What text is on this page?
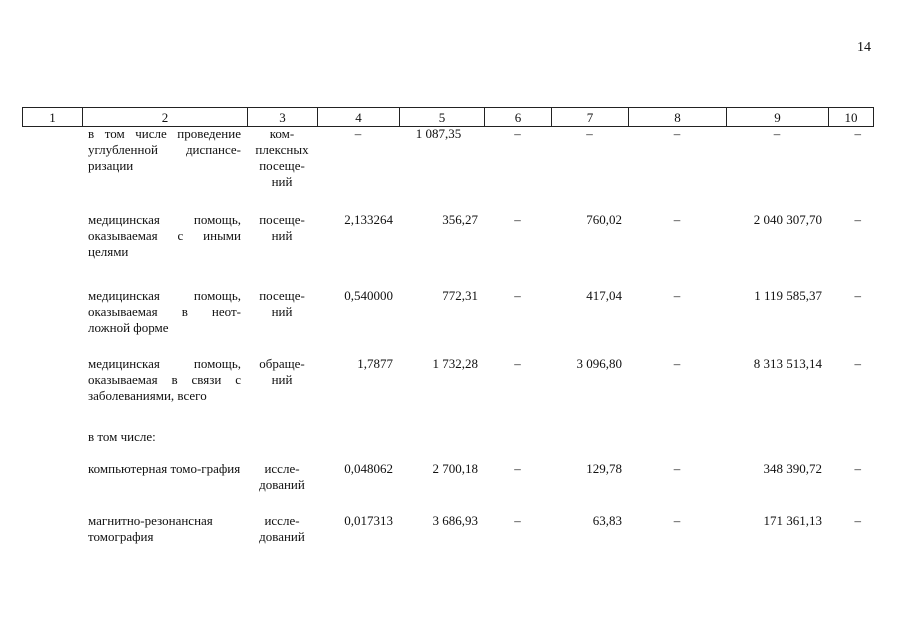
14
1	2	3	4	5	6	7	8	9	10
	в том числе проведение углубленной диспансе-ризации	ком-плексных посеще-ний	–	1 087,35	–	–	–	–	–
	медицинская помощь, оказываемая с иными целями	посеще-ний	2,133264	356,27	–	760,02	–	2 040 307,70	–
	медицинская помощь, оказываемая в неот-ложной форме	посеще-ний	0,540000	772,31	–	417,04	–	1 119 585,37	–
	медицинская помощь, оказываемая в связи с заболеваниями, всего	обраще-ний	1,7877	1 732,28	–	3 096,80	–	8 313 513,14	–
	в том числе:								
	компьютерная томо-графия	иссле-дований	0,048062	2 700,18	–	129,78	–	348 390,72	–
	магнитно-резонансная томография	иссле-дований	0,017313	3 686,93	–	63,83	–	171 361,13	–
